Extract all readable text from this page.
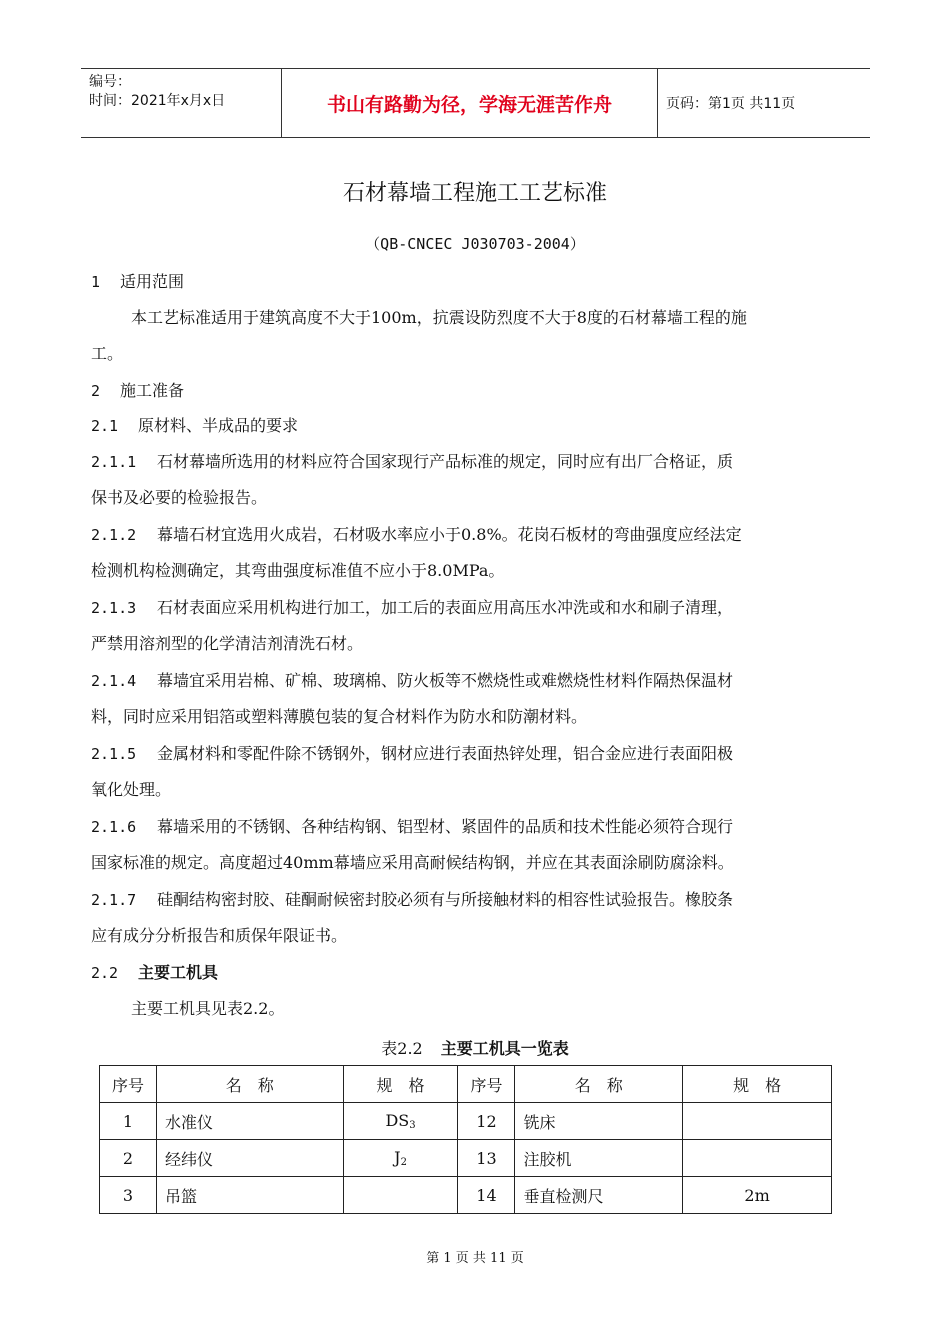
编号：
时间：2021年x月x日	书山有路勤为径，学海无涯苦作舟	页码：第1页 共11页
石材幕墙工程施工工艺标准
（QB-CNCEC J030703-2004）
1 适用范围
本工艺标准适用于建筑高度不大于100m，抗震设防烈度不大于8度的石材幕墙工程的施
工。
2 施工准备
2.1 原材料、半成品的要求
2.1.1 石材幕墙所选用的材料应符合国家现行产品标准的规定，同时应有出厂合格证，质
保书及必要的检验报告。
2.1.2 幕墙石材宜选用火成岩，石材吸水率应小于0.8%。花岗石板材的弯曲强度应经法定
检测机构检测确定，其弯曲强度标准值不应小于8.0MPa。
2.1.3 石材表面应采用机构进行加工，加工后的表面应用高压水冲洗或和水和刷子清理，
严禁用溶剂型的化学清洁剂清洗石材。
2.1.4 幕墙宜采用岩棉、矿棉、玻璃棉、防火板等不燃烧性或难燃烧性材料作隔热保温材
料，同时应采用铝箔或塑料薄膜包装的复合材料作为防水和防潮材料。
2.1.5 金属材料和零配件除不锈钢外，钢材应进行表面热锌处理，铝合金应进行表面阳极
氧化处理。
2.1.6 幕墙采用的不锈钢、各种结构钢、铝型材、紧固件的品质和技术性能必须符合现行
国家标准的规定。高度超过40mm幕墙应采用高耐候结构钢，并应在其表面涂刷防腐涂料。
2.1.7 硅酮结构密封胶、硅酮耐候密封胶必须有与所接触材料的相容性试验报告。橡胶条
应有成分分析报告和质保年限证书。
2.2 主要工机具
主要工机具见表2.2。
表2.2 主要工机具一览表
序号	名　称	规　格	序号	名　称	规　格
1	水准仪	$DS_3$	12	铣床	
2	经纬仪	$J_2$	13	注胶机	
3	吊篮		14	垂直检测尺	2m
第 1 页 共 11 页
